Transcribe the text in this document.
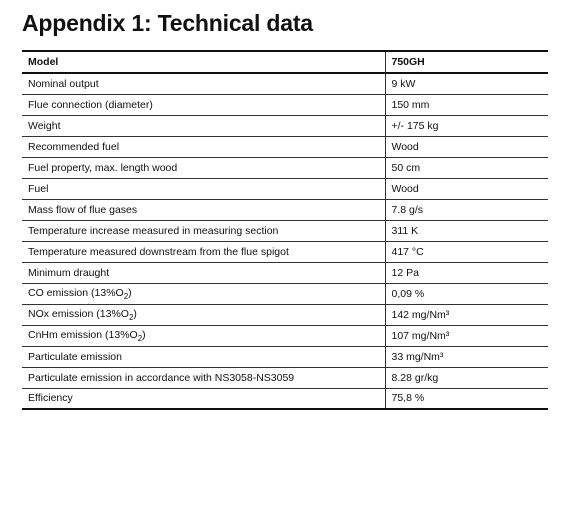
Appendix 1: Technical data
Model	750GH
Nominal output	9 kW
Flue connection (diameter)	150 mm
Weight	+/- 175 kg
Recommended fuel	Wood
Fuel property, max. length wood	50 cm
Fuel	Wood
Mass flow of flue gases	7.8 g/s
Temperature increase measured in measuring section	311 K
Temperature measured downstream from the flue spigot	417 °C
Minimum draught	12 Pa
CO emission $(13\%O_2)$	0,09 %
NOx emission $(13\%O_2)$	142 mg/Nm³
CnHm emission $(13\%O_2)$	107 mg/Nm³
Particulate emission	33 mg/Nm³
Particulate emission in accordance with NS3058-NS3059	8.28 gr/kg
Efficiency	75,8 %
